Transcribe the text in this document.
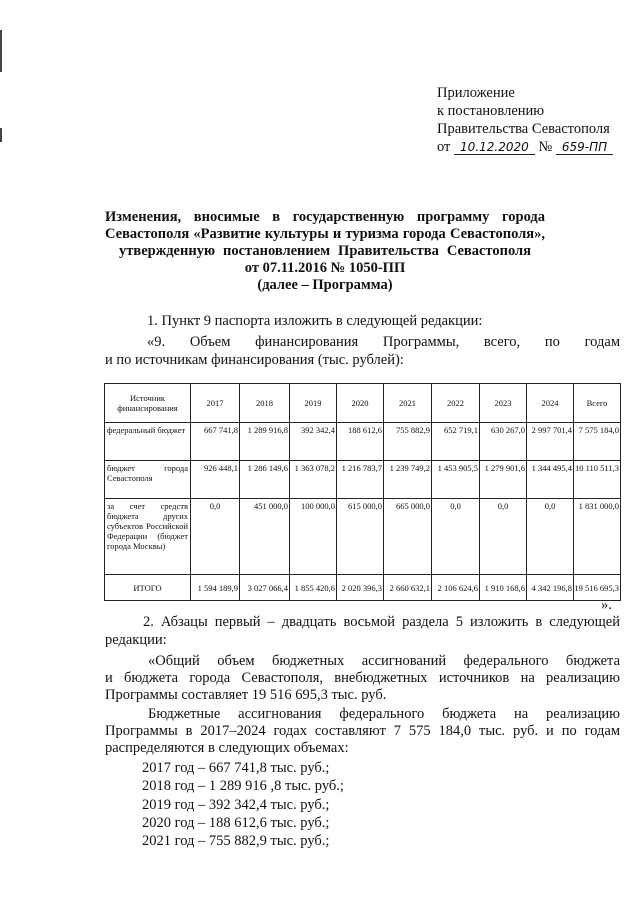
Приложение
к постановлению
Правительства Севастополя
от 10.12.2020 № 659-ПП
Изменения, вносимые в государственную программу города
Севастополя «Развитие культуры и туризма города Севастополя»,
утвержденную постановлением Правительства Севастополя
от 07.11.2016 № 1050-ПП
(далее – Программа)
1. Пункт 9 паспорта изложить в следующей редакции:
«9. Объем финансирования Программы, всего, по годам
и по источникам финансирования (тыс. рублей):
Источник финансирования	2017	2018	2019	2020	2021	2022	2023	2024	Всего
федеральный бюджет	667 741,8	1 289 916,8	392 342,4	188 612,6	755 882,9	652 719,1	630 267,0	2 997 701,4	7 575 184,0
бюджет города Севастополя	926 448,1	1 286 149,6	1 363 078,2	1 216 783,7	1 239 749,2	1 453 905,5	1 279 901,6	1 344 495,4	10 110 511,3
за счет средств бюджета других субъектов Российской Федерации (бюджет города Москвы)	0,0	451 000,0	100 000,0	615 000,0	665 000,0	0,0	0,0	0,0	1 831 000,0
ИТОГО	1 594 189,9	3 027 066,4	1 855 420,6	2 020 396,3	2 660 632,1	2 106 624,6	1 910 168,6	4 342 196,8	19 516 695,3
».
2. Абзацы первый – двадцать восьмой раздела 5 изложить в следующей
редакции:
«Общий объем бюджетных ассигнований федерального бюджета
и бюджета города Севастополя, внебюджетных источников на реализацию
Программы составляет 19 516 695,3 тыс. руб.
Бюджетные ассигнования федерального бюджета на реализацию
Программы в 2017–2024 годах составляют 7 575 184,0 тыс. руб. и по годам
распределяются в следующих объемах:
2017 год – 667 741,8 тыс. руб.;
2018 год – 1 289 916 ,8 тыс. руб.;
2019 год – 392 342,4 тыс. руб.;
2020 год – 188 612,6 тыс. руб.;
2021 год – 755 882,9 тыс. руб.;
